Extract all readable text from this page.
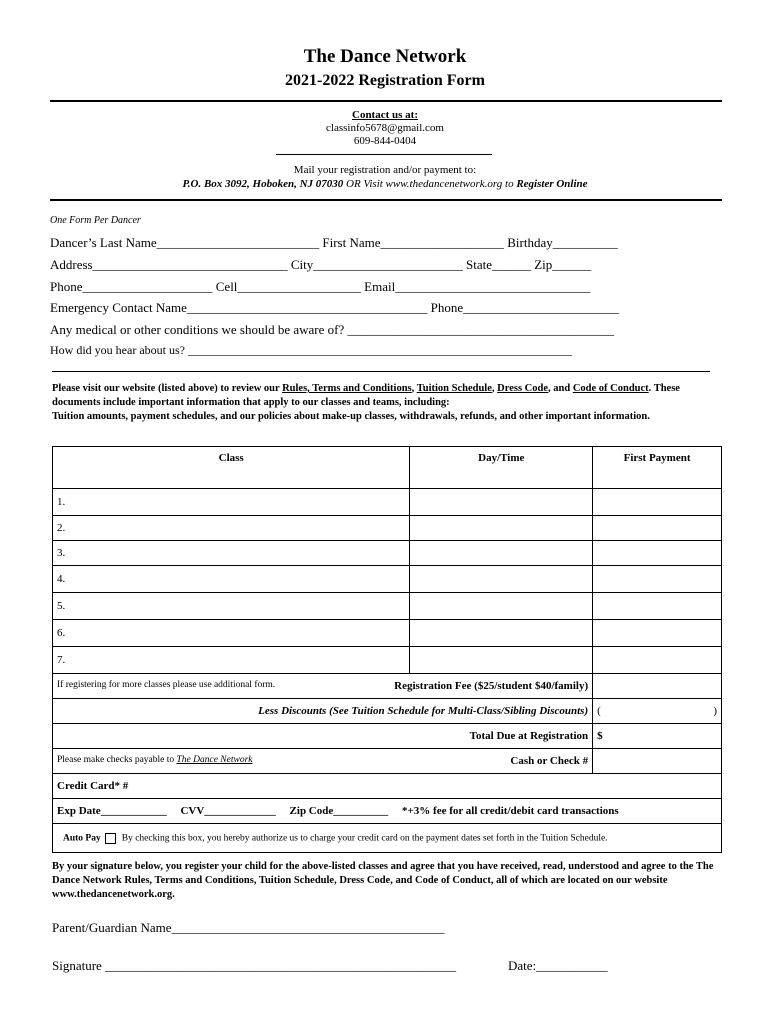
The Dance Network
2021-2022 Registration Form
Contact us at:
classinfo5678@gmail.com
609-844-0404
Mail your registration and/or payment to:
P.O. Box 3092, Hoboken, NJ 07030 OR Visit www.thedancenetwork.org to Register Online
One Form Per Dancer
Dancer’s Last Name_________________________ First Name___________________ Birthday__________
Address______________________________ City_______________________ State______ Zip______
Phone____________________ Cell___________________ Email______________________________
Emergency Contact Name_____________________________________ Phone________________________
Any medical or other conditions we should be aware of? _________________________________________
How did you hear about us? ________________________________________________________________
Please visit our website (listed above) to review our Rules, Terms and Conditions, Tuition Schedule, Dress Code, and Code of Conduct. These documents include important information that apply to our classes and teams, including:
Tuition amounts, payment schedules, and our policies about make-up classes, withdrawals, refunds, and other important information.
Class	Day/Time	First Payment
1.		
2.		
3.		
4.		
5.		
6.		
7.		
If registering for more classes please use additional form. Registration Fee ($25/student $40/family)		

Less Discounts (See Tuition Schedule for Multi-Class/Sibling Discounts)		( )

Total Due at Registration		$
Please make checks payable to The Dance Network Cash or Check #		

Credit Card* #		
Exp Date____________ CVV_____________ Zip Code__________ *+3% fee for all credit/debit card transactions		
Auto Pay By checking this box, you hereby authorize us to charge your credit card on the payment dates set forth in the Tuition Schedule.		
By your signature below, you register your child for the above-listed classes and agree that you have received, read, understood and agree to the The Dance Network Rules, Terms and Conditions, Tuition Schedule, Dress Code, and Code of Conduct, all of which are located on our website www.thedancenetwork.org.
Parent/Guardian Name__________________________________________
Signature ______________________________________________________	Date:___________
